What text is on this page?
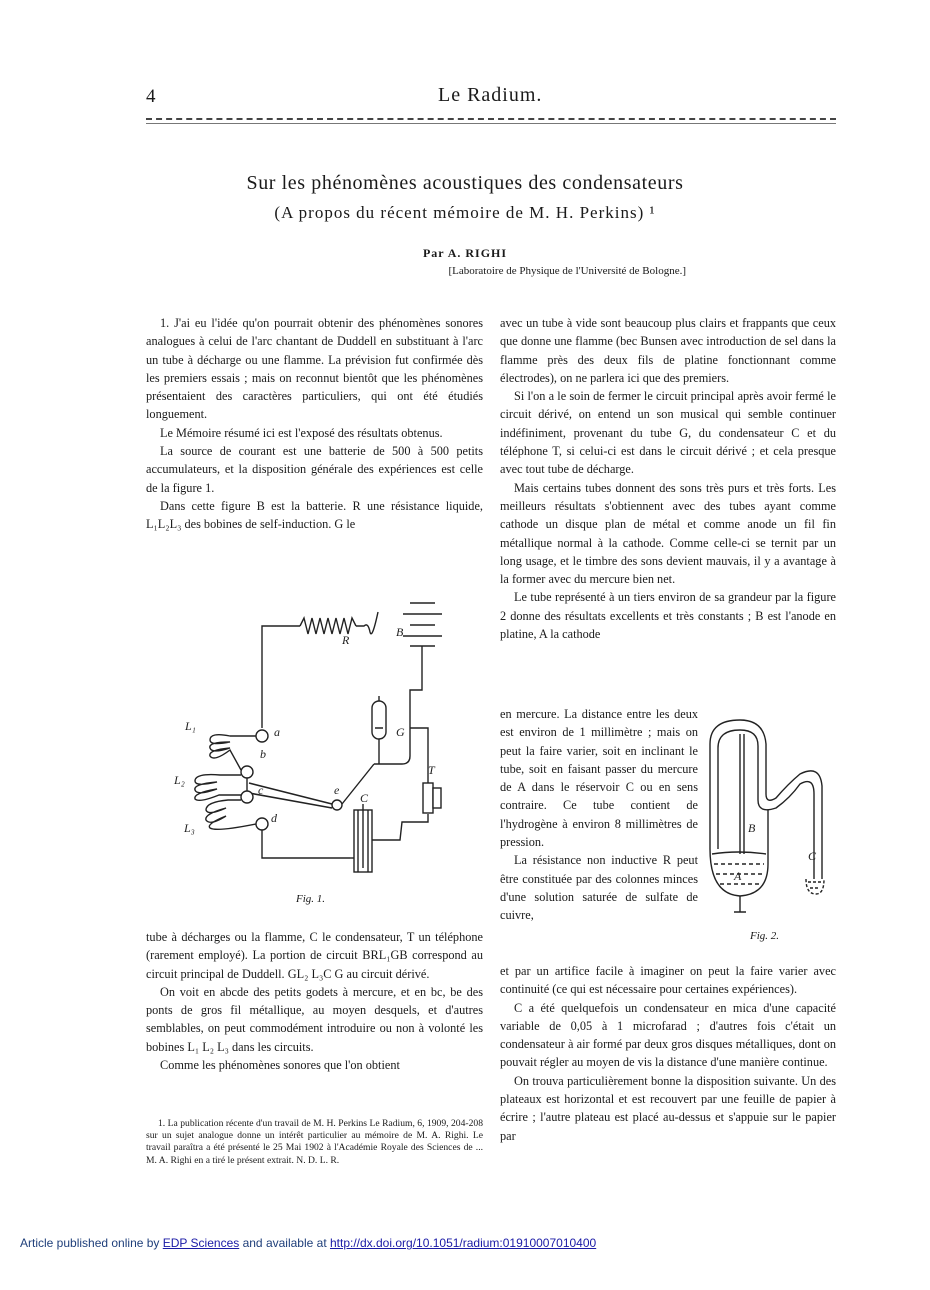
4	Le Radium.
Sur les phénomènes acoustiques des condensateurs
(A propos du récent mémoire de M. H. Perkins) ¹
Par A. RIGHI
[Laboratoire de Physique de l'Université de Bologne.]

1. J'ai eu l'idée qu'on pourrait obtenir des phénomènes sonores analogues à celui de l'arc chantant de Duddell en substituant à l'arc un tube à décharge ou une flamme. La prévision fut confirmée dès les premiers essais ; mais on reconnut bientôt que les phénomènes présentaient des caractères particuliers, qui ont été étudiés longuement.

Le Mémoire résumé ici est l'exposé des résultats obtenus.

La source de courant est une batterie de 500 à 500 petits accumulateurs, et la disposition générale des expériences est celle de la figure 1.

Dans cette figure B est la batterie. R une résistance liquide, L₁L₂L₃ des bobines de self-induction. G le

R
B
L₁
L₂
L₃
a
b
c
d
e
G
T
C
Fig. 1.

tube à décharges ou la flamme, C le condensateur, T un téléphone (rarement employé). La portion de circuit BRL₁GB correspond au circuit principal de Duddell. GL₂ L₃C G au circuit dérivé.

On voit en abcde des petits godets à mercure, et en bc, be des ponts de gros fil métallique, au moyen desquels, et d'autres semblables, on peut commodément introduire ou non à volonté les bobines L₁ L₂ L₃ dans les circuits.

Comme les phénomènes sonores que l'on obtient

1. La publication récente d'un travail de M. H. Perkins Le Radium, 6, 1909, 204-208 sur un sujet analogue donne un intérêt particulier au mémoire de M. A. Righi. Le travail paraîtra a été présenté le 25 Mai 1902 à l'Académie Royale des Sciences de ... M. A. Righi en a tiré le présent extrait. N. D. L. R.

avec un tube à vide sont beaucoup plus clairs et frappants que ceux que donne une flamme (bec Bunsen avec introduction de sel dans la flamme près des deux fils de platine fonctionnant comme électrodes), on ne parlera ici que des premiers.

Si l'on a le soin de fermer le circuit principal après avoir fermé le circuit dérivé, on entend un son musical qui semble continuer indéfiniment, provenant du tube G, du condensateur C et du téléphone T, si celui-ci est dans le circuit dérivé ; et cela presque avec tout tube de décharge.

Mais certains tubes donnent des sons très purs et très forts. Les meilleurs résultats s'obtiennent avec des tubes ayant comme cathode un disque plan de métal et comme anode un fil fin métallique normal à la cathode. Comme celle-ci se ternit par un long usage, et le timbre des sons devient mauvais, il y a avantage à la former avec du mercure bien net.

Le tube représenté à un tiers environ de sa grandeur par la figure 2 donne des résultats excellents et très constants ; B est l'anode en platine, A la cathode

en mercure. La distance entre les deux est environ de 1 millimètre ; mais on peut la faire varier, soit en inclinant le tube, soit en faisant passer du mercure de A dans le réservoir C ou en sens contraire. Ce tube contient de l'hydrogène à environ 8 millimètres de pression.

La résistance non inductive R peut être constituée par des colonnes minces d'une solution saturée de sulfate de cuivre,

B
A
C
Fig. 2.

et par un artifice facile à imaginer on peut la faire varier avec continuité (ce qui est nécessaire pour certaines expériences).

C a été quelquefois un condensateur en mica d'une capacité variable de 0,05 à 1 microfarad ; d'autres fois c'était un condensateur à air formé par deux gros disques métalliques, dont on pouvait régler au moyen de vis la distance d'une manière continue.

On trouva particulièrement bonne la disposition suivante. Un des plateaux est horizontal et est recouvert par une feuille de papier à écrire ; l'autre plateau est placé au-dessus et s'appuie sur le papier par

Article published online by EDP Sciences and available at http://dx.doi.org/10.1051/radium:01910007010400
